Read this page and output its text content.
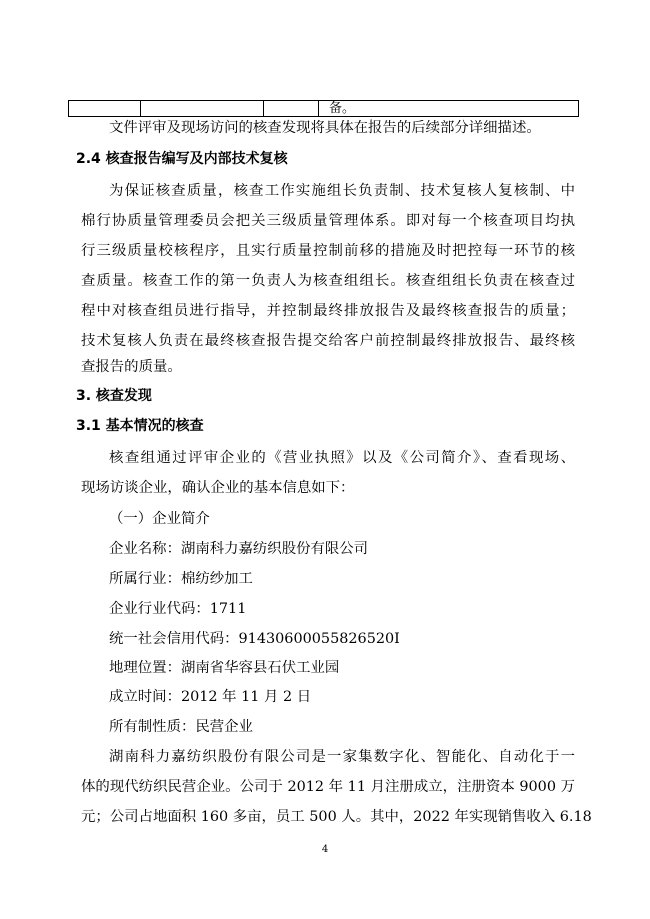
			备。
文件评审及现场访问的核查发现将具体在报告的后续部分详细描述。
2.4 核查报告编写及内部技术复核
为保证核查质量，核查工作实施组长负责制、技术复核人复核制、中
棉行协质量管理委员会把关三级质量管理体系。即对每一个核查项目均执
行三级质量校核程序，且实行质量控制前移的措施及时把控每一环节的核
查质量。核查工作的第一负责人为核查组组长。核查组组长负责在核查过
程中对核查组员进行指导，并控制最终排放报告及最终核查报告的质量；
技术复核人负责在最终核查报告提交给客户前控制最终排放报告、最终核
查报告的质量。
3. 核查发现
3.1 基本情况的核查
核查组通过评审企业的《营业执照》以及《公司简介》、查看现场、
现场访谈企业，确认企业的基本信息如下：
（一）企业简介
企业名称：湖南科力嘉纺织股份有限公司
所属行业：棉纺纱加工
企业行业代码：1711
统一社会信用代码：91430600055826520I
地理位置：湖南省华容县石伏工业园
成立时间：2012 年 11 月 2 日
所有制性质：民营企业
湖南科力嘉纺织股份有限公司是一家集数字化、智能化、自动化于一
体的现代纺织民营企业。公司于 2012 年 11 月注册成立，注册资本 9000 万
元；公司占地面积 160 多亩，员工 500 人。其中，2022 年实现销售收入 6.18
4
